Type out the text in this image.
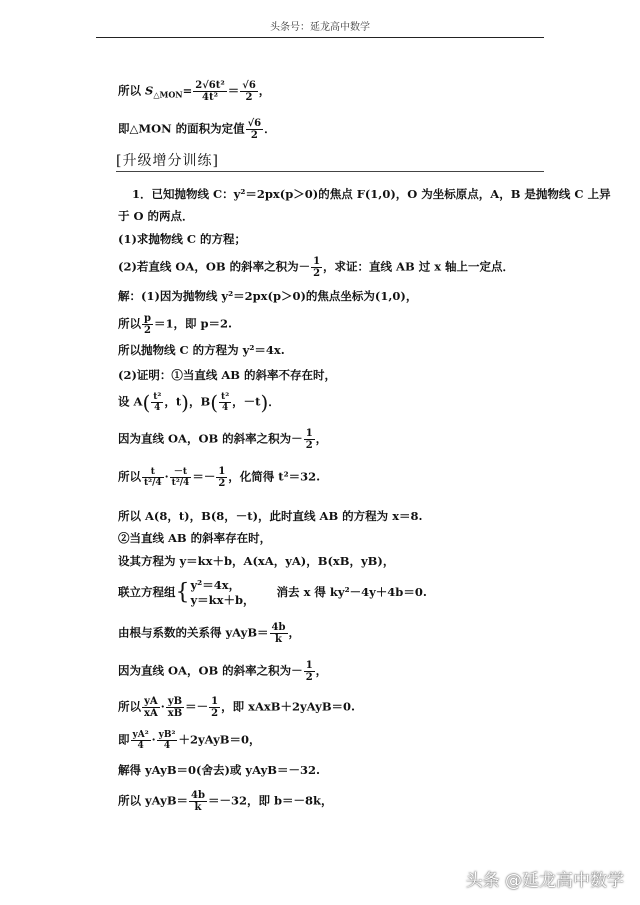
头条号：延龙高中数学
所以 $S_{\triangle MON}= \frac{\text{2√6t²}}{\text{4t²}} = \frac{√6}{2}$ ，
即△MON 的面积为定值 $\frac{√6}{2}$ ．
[升级增分训练]
1．已知抛物线 C：y²＝2px(p＞0)的焦点 F(1,0)，O 为坐标原点，A，B 是抛物线 C 上异
于 O 的两点．
(1)求抛物线 C 的方程；
(2)若直线 OA，OB 的斜率之积为－ $\frac{1}{2}$ ，求证：直线 AB 过 x 轴上一定点．
解：(1)因为抛物线 y²＝2px(p＞0)的焦点坐标为(1,0)，
所以 $\frac{p}{2} =1$，即 p＝2.
所以抛物线 C 的方程为 y²＝4x.
(2)证明：①当直线 AB 的斜率不存在时，
设 $A( \frac{\text{t²}}{4}$ ，t)，$B( \frac{\text{t²}}{4}$ ，－t)．
因为直线 OA，OB 的斜率之积为－ $\frac{1}{2}$ ，
所以 $\frac{t}{\text{t²/4}} \cdot \frac{-t}{\text{t²/4}} =- \frac{1}{2}$ ，化简得 t²＝32.
所以 A(8，t)，B(8，－t)，此时直线 AB 的方程为 x＝8.
②当直线 AB 的斜率存在时，
设其方程为 y＝kx＋b，A(xA，yA)，B(xB，yB)，
联立方程组{ y²＝4x，
y＝kx＋b，
消去 x 得 ky²－4y＋4b＝0.
由根与系数的关系得 yAyB＝ $\frac{4b}{k}$ ，
因为直线 OA，OB 的斜率之积为－ $\frac{1}{2}$ ，
所以 $\frac{yA}{xA} \cdot \frac{yB}{xB} =- \frac{1}{2}$ ，即 xAxB＋2yAyB＝0.
即 $\frac{\text{yA²}}{4} \cdot \frac{\text{yB²}}{4}$ ＋2yAyB＝0，
解得 yAyB＝0(舍去)或 yAyB＝－32.
所以 yAyB＝ $\frac{4b}{k} =-32$，即 b＝－8k，
头条 @延龙高中数学
